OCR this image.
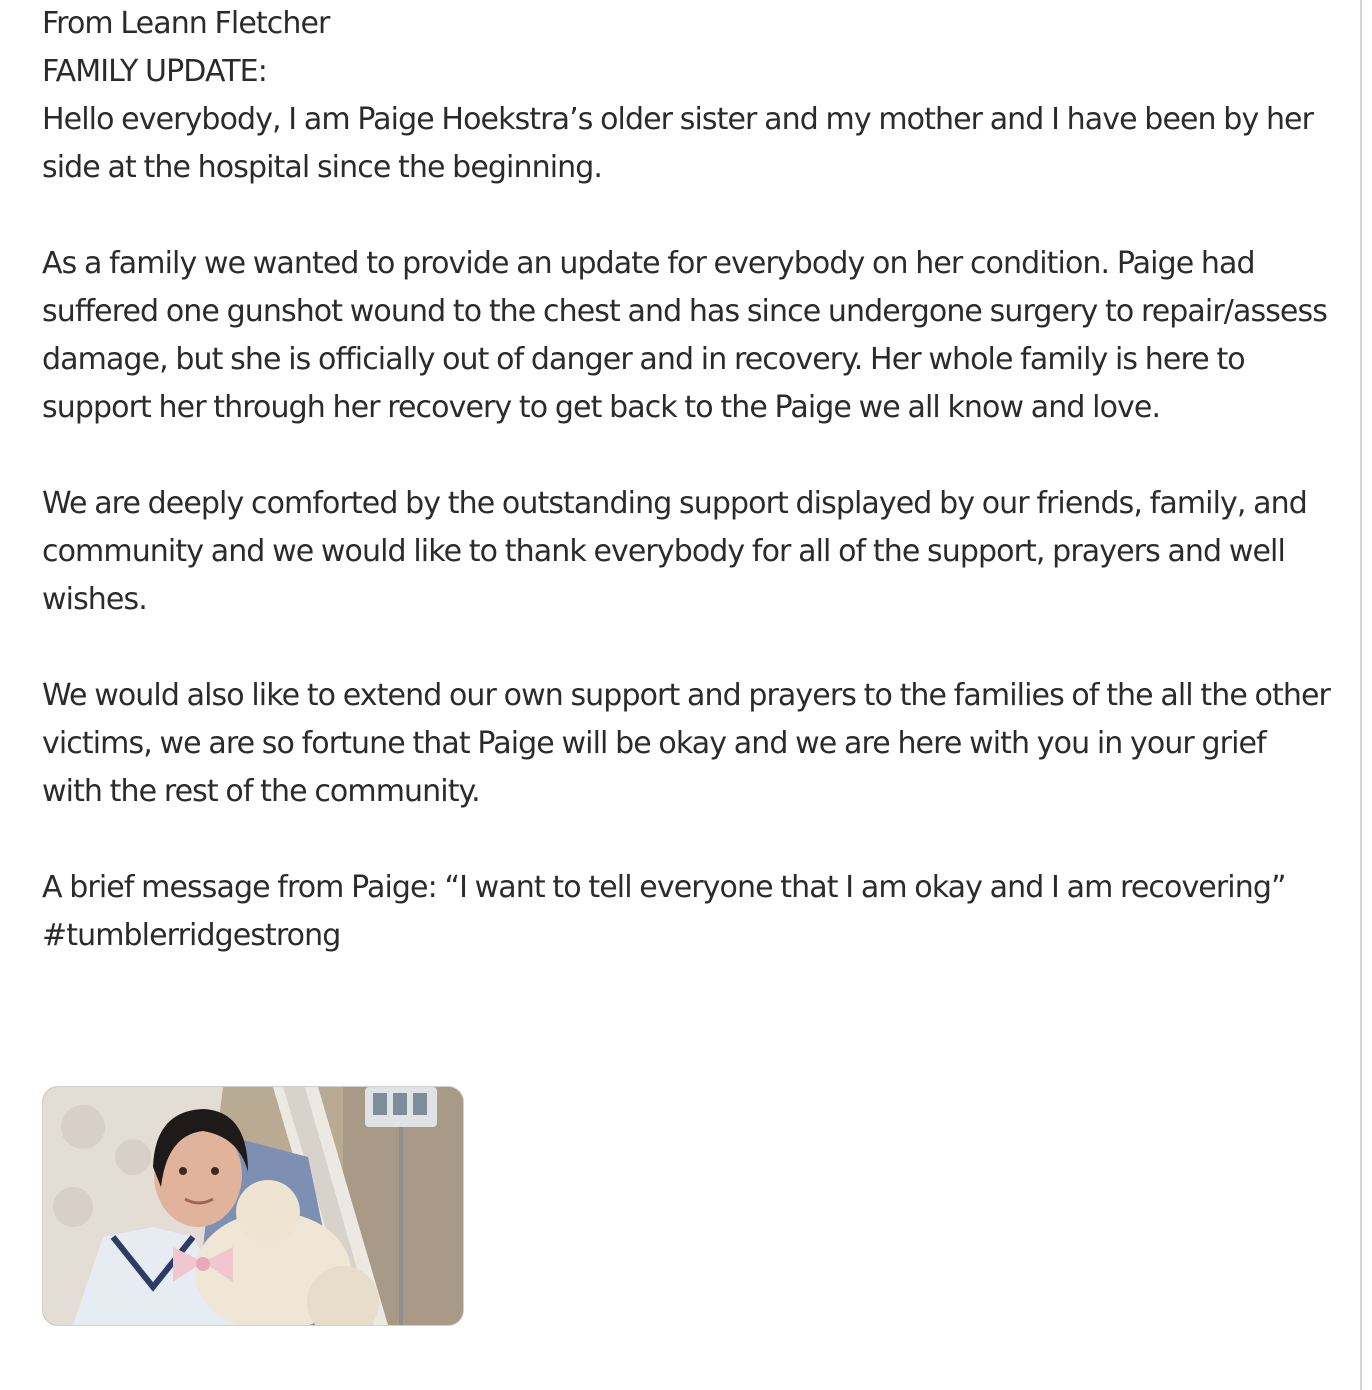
From Leann Fletcher

FAMILY UPDATE:

Hello everybody, I am Paige Hoekstra’s older sister and my mother and I have been by her side at the hospital since the beginning.

As a family we wanted to provide an update for everybody on her condition. Paige had suffered one gunshot wound to the chest and has since undergone surgery to repair/assess damage, but she is officially out of danger and in recovery. Her whole family is here to support her through her recovery to get back to the Paige we all know and love.

We are deeply comforted by the outstanding support displayed by our friends, family, and community and we would like to thank everybody for all of the support, prayers and well wishes.

We would also like to extend our own support and prayers to the families of the all the other victims, we are so fortune that Paige will be okay and we are here with you in your grief with the rest of the community.

A brief message from Paige: “I want to tell everyone that I am okay and I am recovering”

#tumblerridgestrong
